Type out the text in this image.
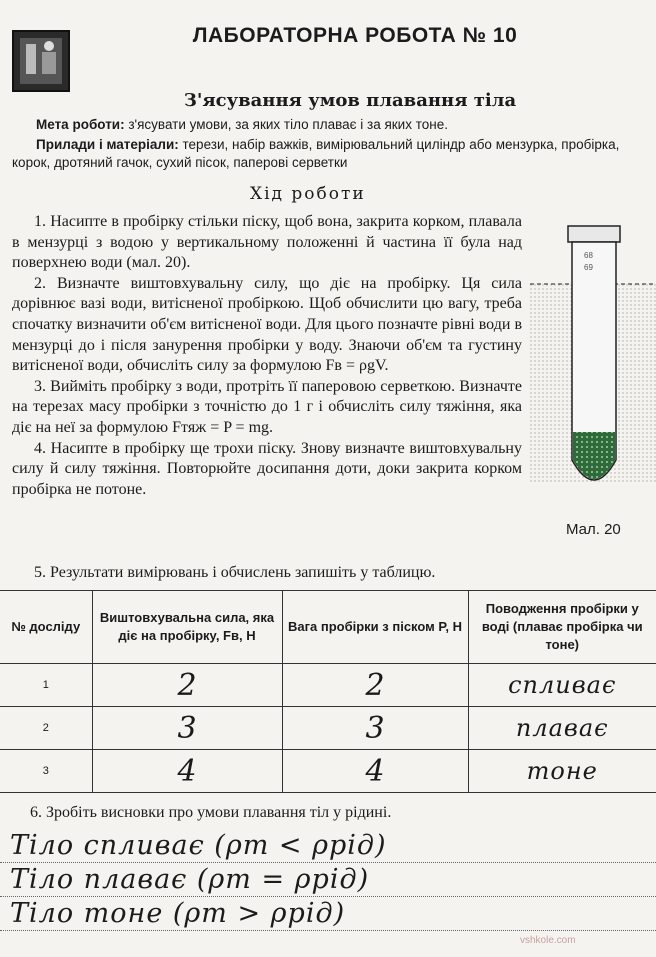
ЛАБОРАТОРНА РОБОТА № 10
З'ясування умов плавання тіла
Мета роботи: з'ясувати умови, за яких тіло плаває і за яких тоне.
Прилади і матеріали: терези, набір важків, вимірювальний циліндр або мензурка, пробірка, корок, дротяний гачок, сухий пісок, паперові серветки
Хід роботи

1. Насипте в пробірку стільки піску, щоб вона, закрита корком, плавала в мензурці з водою у вертикальному положенні й частина її була над поверхнею води (мал. 20).

2. Визначте виштовхувальну силу, що діє на пробірку. Ця сила дорівнює вазі води, витісненої пробіркою. Щоб обчислити цю вагу, треба спочатку визначити об'єм витісненої води. Для цього позначте рівні води в мензурці до і після занурення пробірки у воду. Знаючи об'єм та густину витісненої води, обчисліть силу за формулою Fв = ρgV.

3. Вийміть пробірку з води, протріть її паперовою серветкою. Визначте на терезах масу пробірки з точністю до 1 г і обчисліть силу тяжіння, яка діє на неї за формулою Fтяж = P = mg.

4. Насипте в пробірку ще трохи піску. Знову визначте виштовхувальну силу й силу тяжіння. Повторюйте досипання доти, доки закрита корком пробірка не потоне.

5. Результати вимірювань і обчислень запишіть у таблицю.
68
69
Мал. 20
№ досліду	Виштовхувальна сила, яка діє на пробірку, Fв, Н	Вага пробірки з піском P, Н	Поводження пробірки у воді (плаває пробірка чи тоне)
1	2	2	спливає
2	3	3	плаває
3	4	4	тоне
6. Зробіть висновки про умови плавання тіл у рідині.
Тіло спливає (ρт < ρрід)
Тіло плаває (ρт = ρрід)
Тіло тоне (ρт > ρрід)
vshkole.com
